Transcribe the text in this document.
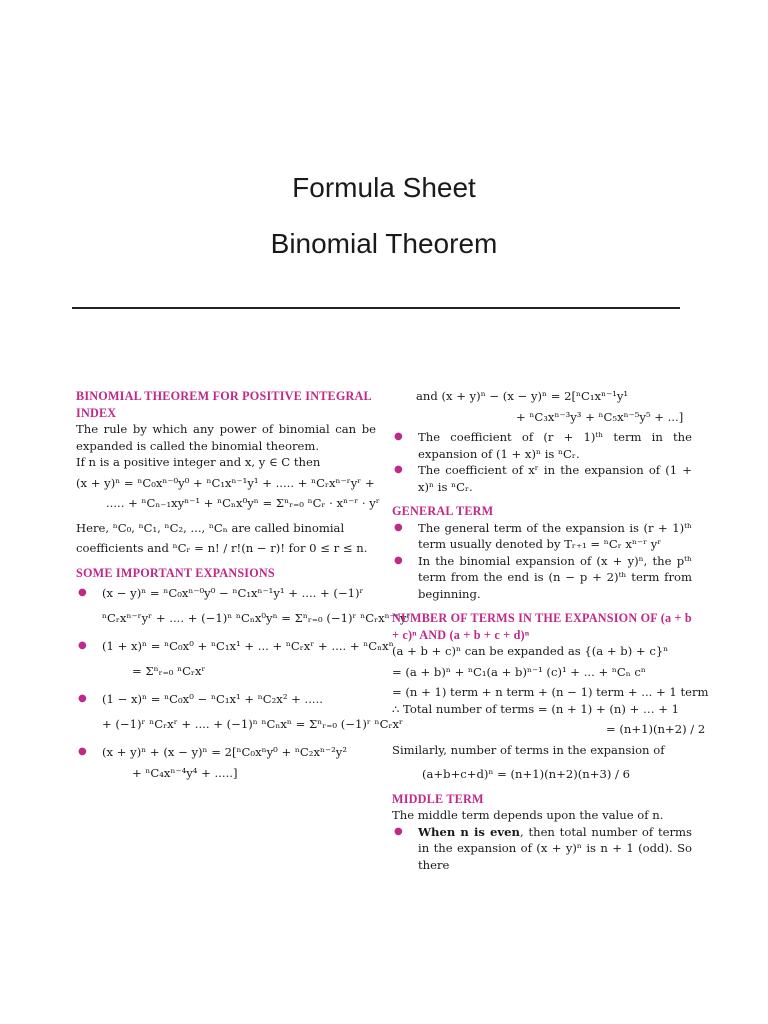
Formula Sheet
Binomial Theorem

BINOMIAL THEOREM FOR POSITIVE INTEGRAL INDEX

The rule by which any power of binomial can be expanded is called the binomial theorem.

If n is a positive integer and x, y ∈ C then

(x + y)ⁿ = ⁿC₀xⁿ⁻⁰y⁰ + ⁿC₁xⁿ⁻¹y¹ + ..... + ⁿCᵣxⁿ⁻ʳyʳ +

..... + ⁿCₙ₋₁xyⁿ⁻¹ + ⁿCₙx⁰yⁿ = Σⁿᵣ₌₀ ⁿCᵣ · xⁿ⁻ʳ · yʳ

Here, ⁿC₀, ⁿC₁, ⁿC₂, ..., ⁿCₙ are called binomial

coefficients and ⁿCᵣ = n! / r!(n − r)! for 0 ≤ r ≤ n.

SOME IMPORTANT EXPANSIONS

● (x − y)ⁿ = ⁿC₀xⁿ⁻⁰y⁰ − ⁿC₁xⁿ⁻¹y¹ + .... + (−1)ʳ

ⁿCᵣxⁿ⁻ʳyʳ + .... + (−1)ⁿ ⁿCₙx⁰yⁿ = Σⁿᵣ₌₀ (−1)ʳ ⁿCᵣxⁿ⁻ʳyʳ

● (1 + x)ⁿ = ⁿC₀x⁰ + ⁿC₁x¹ + ... + ⁿCᵣxʳ + .... + ⁿCₙxⁿ

= Σⁿᵣ₌₀ ⁿCᵣxʳ

● (1 − x)ⁿ = ⁿC₀x⁰ − ⁿC₁x¹ + ⁿC₂x² + .....

+ (−1)ʳ ⁿCᵣxʳ + .... + (−1)ⁿ ⁿCₙxⁿ = Σⁿᵣ₌₀ (−1)ʳ ⁿCᵣxʳ

● (x + y)ⁿ + (x − y)ⁿ = 2[ⁿC₀xⁿy⁰ + ⁿC₂xⁿ⁻²y²

+ ⁿC₄xⁿ⁻⁴y⁴ + .....]

and (x + y)ⁿ − (x − y)ⁿ = 2[ⁿC₁xⁿ⁻¹y¹

+ ⁿC₃xⁿ⁻³y³ + ⁿC₅xⁿ⁻⁵y⁵ + ...]

● The coefficient of (r + 1)ᵗʰ term in the expansion of (1 + x)ⁿ is ⁿCᵣ.

● The coefficient of xʳ in the expansion of (1 + x)ⁿ is ⁿCᵣ.

GENERAL TERM

● The general term of the expansion is (r + 1)ᵗʰ term usually denoted by Tᵣ₊₁ = ⁿCᵣ xⁿ⁻ʳ yʳ

● In the binomial expansion of (x + y)ⁿ, the pᵗʰ term from the end is (n − p + 2)ᵗʰ term from beginning.

NUMBER OF TERMS IN THE EXPANSION OF (a + b + c)ⁿ AND (a + b + c + d)ⁿ

(a + b + c)ⁿ can be expanded as {(a + b) + c}ⁿ

= (a + b)ⁿ + ⁿC₁(a + b)ⁿ⁻¹ (c)¹ + ... + ⁿCₙ cⁿ

= (n + 1) term + n term + (n − 1) term + ... + 1 term

∴ Total number of terms = (n + 1) + (n) + … + 1

= (n+1)(n+2) / 2

Similarly, number of terms in the expansion of

(a+b+c+d)ⁿ = (n+1)(n+2)(n+3) / 6

MIDDLE TERM

The middle term depends upon the value of n.

● When n is even, then total number of terms in the expansion of (x + y)ⁿ is n + 1 (odd). So there
